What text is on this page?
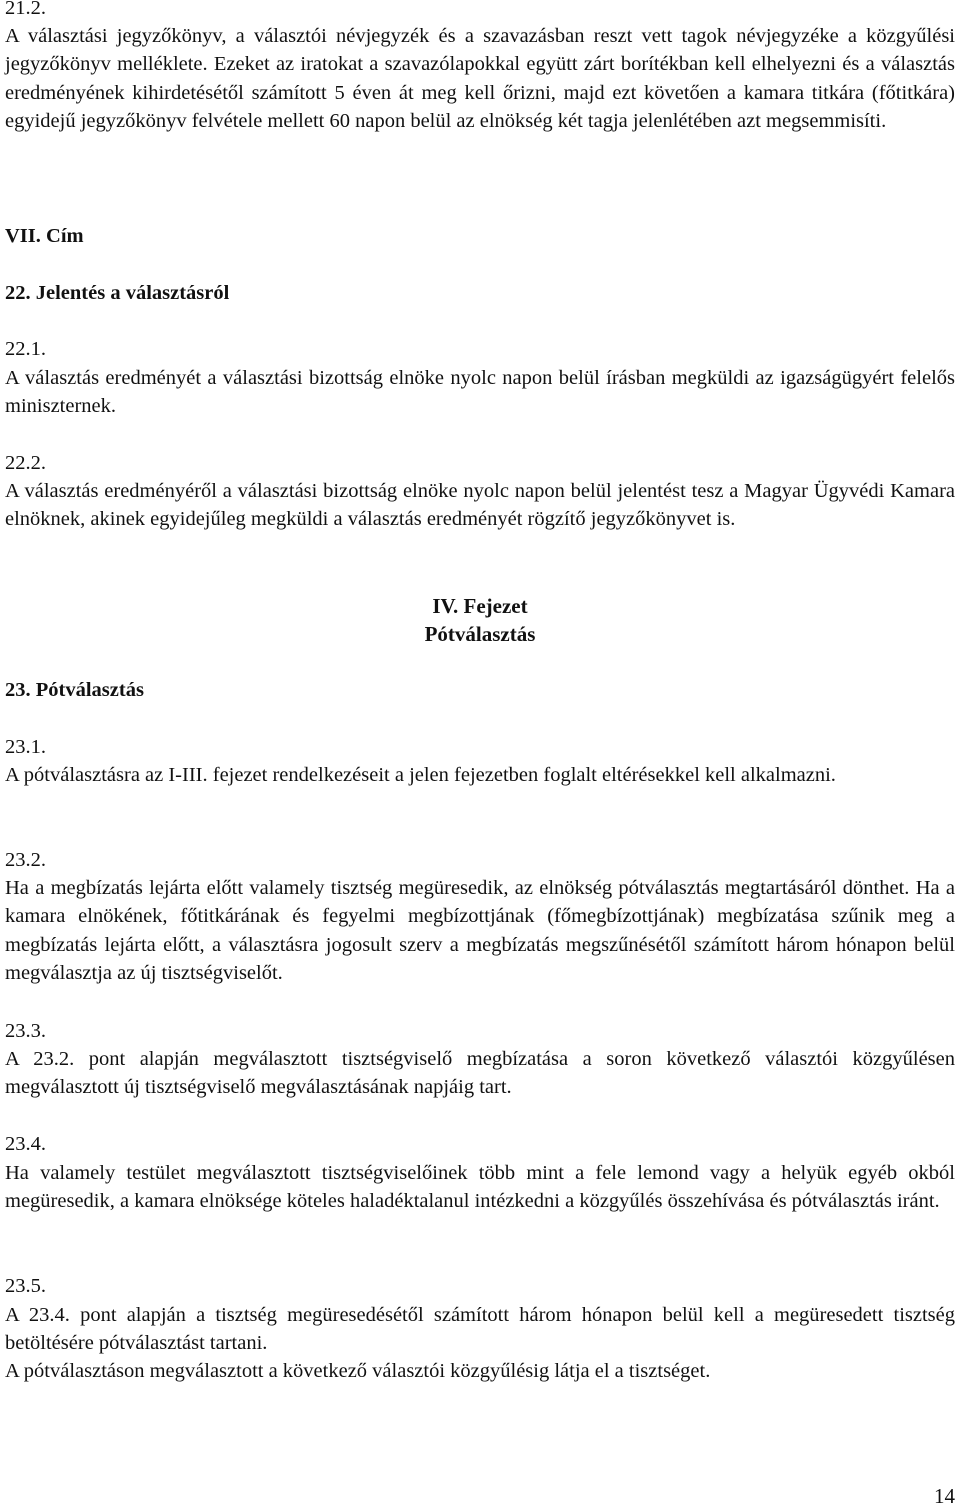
21.2.

A választási jegyzőkönyv, a választói névjegyzék és a szavazásban reszt vett tagok névjegyzéke a közgyűlési jegyzőkönyv melléklete. Ezeket az iratokat a szavazólapokkal együtt zárt borítékban kell elhelyezni és a választás eredményének kihirdetésétől számított 5 éven át meg kell őrizni, majd ezt követően a kamara titkára (főtitkára) egyidejű jegyzőkönyv felvétele mellett 60 napon belül az elnökség két tagja jelenlétében azt megsemmisíti.

VII. Cím

22. Jelentés a választásról

22.1.

A választás eredményét a választási bizottság elnöke nyolc napon belül írásban megküldi az igazságügyért felelős miniszternek.

22.2.

A választás eredményéről a választási bizottság elnöke nyolc napon belül jelentést tesz a Magyar Ügyvédi Kamara elnöknek, akinek egyidejűleg megküldi a választás eredményét rögzítő jegyzőkönyvet is.

IV. Fejezet
Pótválasztás

23. Pótválasztás

23.1.

A pótválasztásra az I-III. fejezet rendelkezéseit a jelen fejezetben foglalt eltérésekkel kell alkalmazni.

23.2.

Ha a megbízatás lejárta előtt valamely tisztség megüresedik, az elnökség pótválasztás megtartásáról dönthet. Ha a kamara elnökének, főtitkárának és fegyelmi megbízottjának (főmegbízottjának) megbízatása szűnik meg a megbízatás lejárta előtt, a választásra jogosult szerv a megbízatás megszűnésétől számított három hónapon belül megválasztja az új tisztségviselőt.

23.3.

A 23.2. pont alapján megválasztott tisztségviselő megbízatása a soron következő választói közgyűlésen megválasztott új tisztségviselő megválasztásának napjáig tart.

23.4.

Ha valamely testület megválasztott tisztségviselőinek több mint a fele lemond vagy a helyük egyéb okból megüresedik, a kamara elnöksége köteles haladéktalanul intézkedni a közgyűlés összehívása és pótválasztás iránt.

23.5.

A 23.4. pont alapján a tisztség megüresedésétől számított három hónapon belül kell a megüresedett tisztség betöltésére pótválasztást tartani.

A pótválasztáson megválasztott a következő választói közgyűlésig látja el a tisztséget.

14
